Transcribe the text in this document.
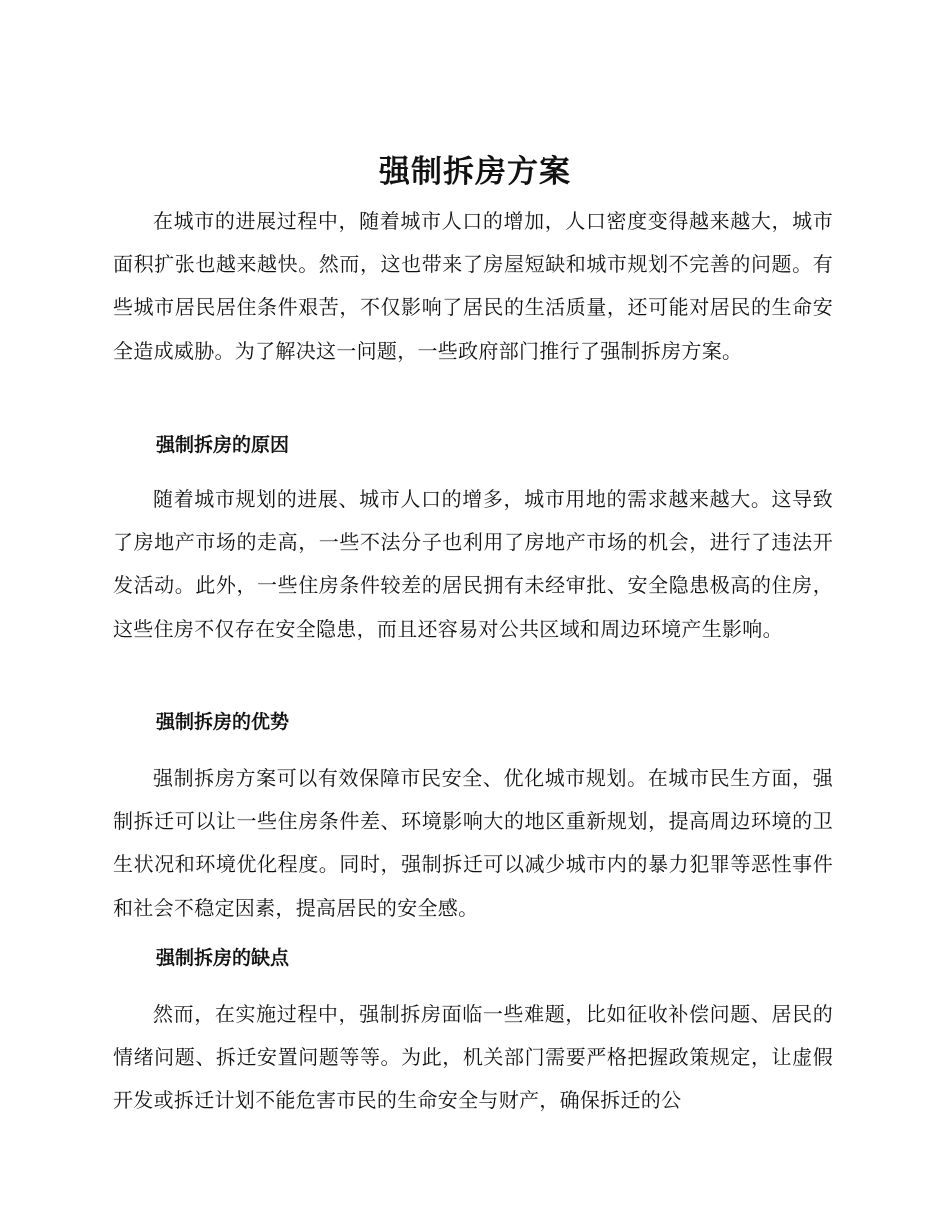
强制拆房方案

在城市的进展过程中，随着城市人口的增加，人口密度变得越来越大，城市面积扩张也越来越快。然而，这也带来了房屋短缺和城市规划不完善的问题。有些城市居民居住条件艰苦，不仅影响了居民的生活质量，还可能对居民的生命安全造成威胁。为了解决这一问题，一些政府部门推行了强制拆房方案。

强制拆房的原因

随着城市规划的进展、城市人口的增多，城市用地的需求越来越大。这导致了房地产市场的走高，一些不法分子也利用了房地产市场的机会，进行了违法开发活动。此外，一些住房条件较差的居民拥有未经审批、安全隐患极高的住房，这些住房不仅存在安全隐患，而且还容易对公共区域和周边环境产生影响。

强制拆房的优势

强制拆房方案可以有效保障市民安全、优化城市规划。在城市民生方面，强制拆迁可以让一些住房条件差、环境影响大的地区重新规划，提高周边环境的卫生状况和环境优化程度。同时，强制拆迁可以减少城市内的暴力犯罪等恶性事件和社会不稳定因素，提高居民的安全感。

强制拆房的缺点

然而，在实施过程中，强制拆房面临一些难题，比如征收补偿问题、居民的情绪问题、拆迁安置问题等等。为此，机关部门需要严格把握政策规定，让虚假开发或拆迁计划不能危害市民的生命安全与财产，确保拆迁的公
